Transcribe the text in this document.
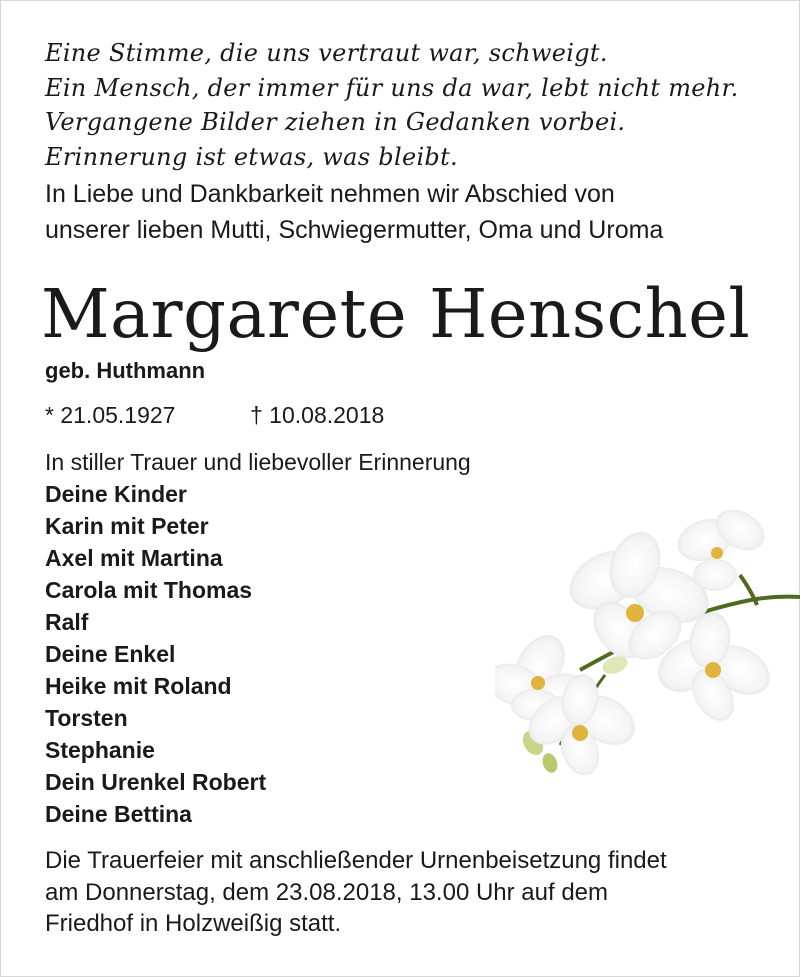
Eine Stimme, die uns vertraut war, schweigt.
Ein Mensch, der immer für uns da war, lebt nicht mehr.
Vergangene Bilder ziehen in Gedanken vorbei.
Erinnerung ist etwas, was bleibt.
In Liebe und Dankbarkeit nehmen wir Abschied von
unserer lieben Mutti, Schwiegermutter, Oma und Uroma
Margarete Henschel
geb. Huthmann
* 21.05.1927	† 10.08.2018
In stiller Trauer und liebevoller Erinnerung
Deine Kinder
Karin mit Peter
Axel mit Martina
Carola mit Thomas
Ralf
Deine Enkel
Heike mit Roland
Torsten
Stephanie
Dein Urenkel Robert
Deine Bettina
Die Trauerfeier mit anschließender Urnenbeisetzung findet
am Donnerstag, dem 23.08.2018, 13.00 Uhr auf dem
Friedhof in Holzweißig statt.
